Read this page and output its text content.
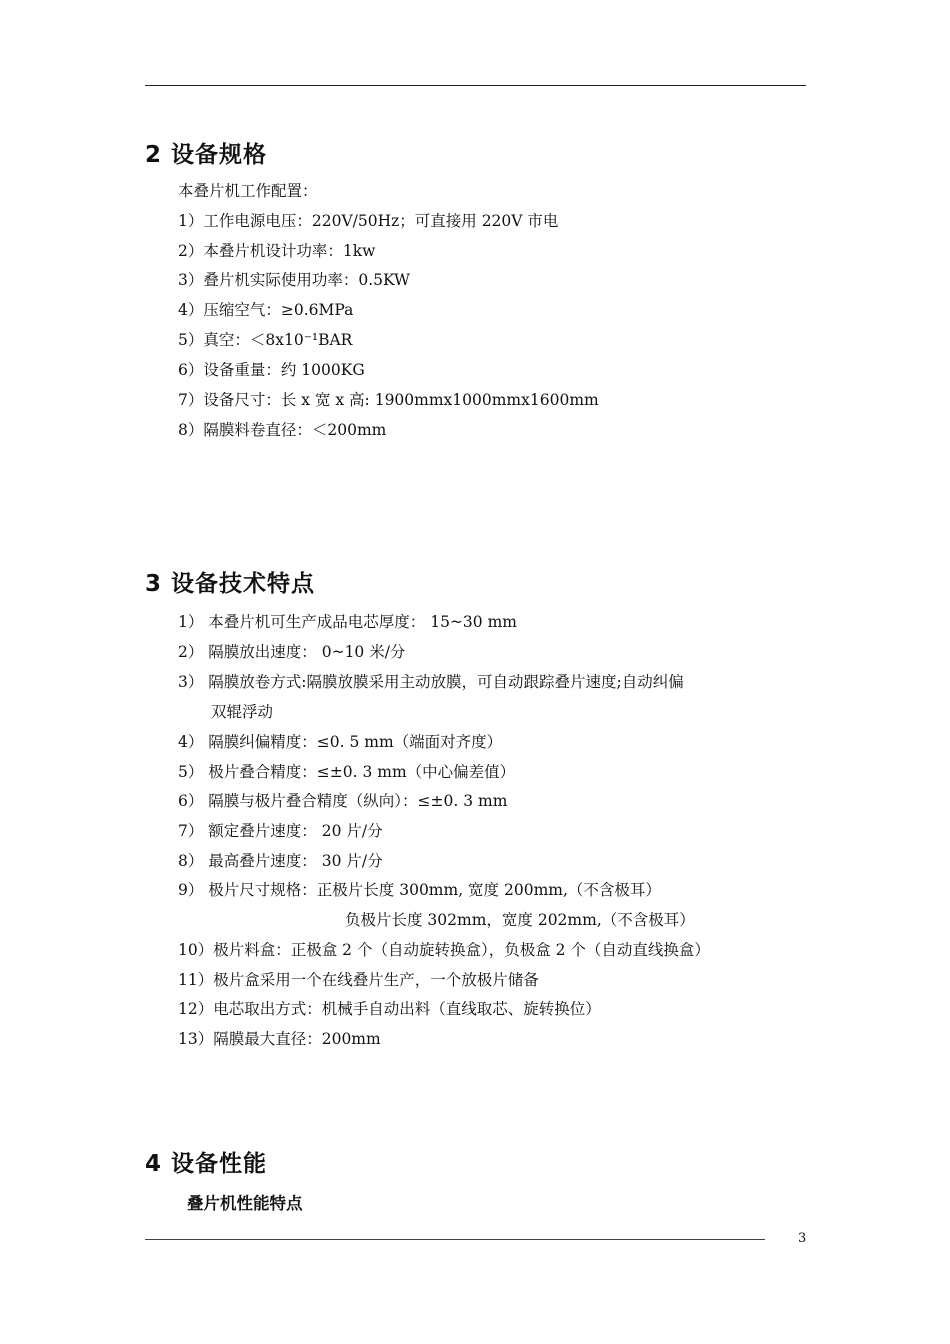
2 设备规格
本叠片机工作配置：
1）工作电源电压：220V/50Hz；可直接用 220V 市电
2）本叠片机设计功率：1kw
3）叠片机实际使用功率：0.5KW
4）压缩空气：≥0.6MPa
5）真空：＜8x10⁻¹BAR
6）设备重量：约 1000KG
7）设备尺寸：长 x 宽 x 高: 1900mmx1000mmx1600mm
8）隔膜料卷直径：＜200mm
3 设备技术特点
1） 本叠片机可生产成品电芯厚度： 15~30 mm
2） 隔膜放出速度： 0~10 米/分
3） 隔膜放卷方式:隔膜放膜采用主动放膜，可自动跟踪叠片速度;自动纠偏
双辊浮动
4） 隔膜纠偏精度：≤0. 5 mm（端面对齐度）
5） 极片叠合精度：≤±0. 3 mm（中心偏差值）
6） 隔膜与极片叠合精度（纵向）：≤±0. 3 mm
7） 额定叠片速度： 20 片/分
8） 最高叠片速度： 30 片/分
9） 极片尺寸规格：正极片长度 300mm, 宽度 200mm,（不含极耳）
负极片长度 302mm，宽度 202mm,（不含极耳）
10）极片料盒：正极盒 2 个（自动旋转换盒），负极盒 2 个（自动直线换盒）
11）极片盒采用一个在线叠片生产，一个放极片储备
12）电芯取出方式：机械手自动出料（直线取芯、旋转换位）
13）隔膜最大直径：200mm
4 设备性能
叠片机性能特点
3
